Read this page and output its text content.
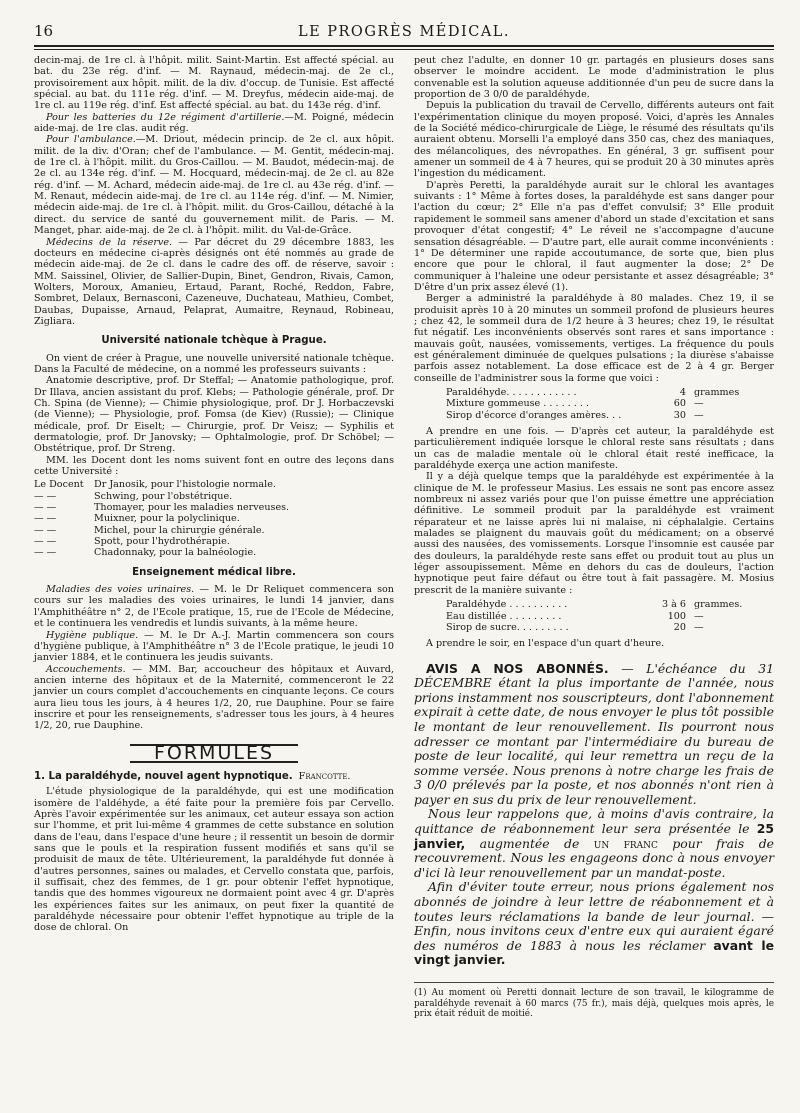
16	LE PROGRÈS MÉDICAL.

decin-maj. de 1re cl. à l'hôpit. milit. Saint-Martin. Est affecté spécial. au bat. du 23e rég. d'inf. — M. Raynaud, médecin-maj. de 2e cl., provisoirement aux hôpit. milit. de la div. d'occup. de Tunisie. Est affecté spécial. au bat. du 111e rég. d'inf. — M. Dreyfus, médecin aide-maj. de 1re cl. au 119e rég. d'inf. Est affecté spécial. au bat. du 143e rég. d'inf.

Pour les batteries du 12e régiment d'artillerie.—M. Poigné, médecin aide-maj. de 1re clas. audit rég.

Pour l'ambulance.—M. Driout, médecin princip. de 2e cl. aux hôpit. milit. de la div. d'Oran; chef de l'ambulance. — M. Gentit, médecin-maj. de 1re cl. à l'hôpit. milit. du Gros-Caillou. — M. Baudot, médecin-maj. de 2e cl. au 134e rég. d'inf. — M. Hocquard, médecin-maj. de 2e cl. au 82e rég. d'inf. — M. Achard, médecin aide-maj. de 1re cl. au 43e rég. d'inf. — M. Renaut, médecin aide-maj. de 1re cl. au 114e rég. d'inf. — M. Nimier, médecin aide-maj. de 1re cl. à l'hôpit. milit. du Gros-Caillou, détaché à la direct. du service de santé du gouvernement milit. de Paris. — M. Manget, phar. aide-maj. de 2e cl. à l'hôpit. milit. du Val-de-Grâce.

Médecins de la réserve. — Par décret du 29 décembre 1883, les docteurs en médecine ci-après désignés ont été nommés au grade de médecin aide-maj. de 2e cl. dans le cadre des off. de réserve, savoir : MM. Saissinel, Olivier, de Sallier-Dupin, Binet, Gendron, Rivais, Camon, Wolters, Moroux, Amanieu, Ertaud, Parant, Roché, Reddon, Fabre, Sombret, Delaux, Bernasconi, Cazeneuve, Duchateau, Mathieu, Combet, Daubas, Dupaisse, Arnaud, Pelaprat, Aumaitre, Reynaud, Robineau, Zigliara.

Université nationale tchèque à Prague.

On vient de créer à Prague, une nouvelle université nationale tchèque. Dans la Faculté de médecine, on a nommé les professeurs suivants :

Anatomie descriptive, prof. Dr Steffal; — Anatomie pathologique, prof. Dr Illava, ancien assistant du prof. Klebs; — Pathologie générale, prof. Dr Ch. Spina (de Vienne); — Chimie physiologique, prof. Dr J. Horbaczevski (de Vienne); — Physiologie, prof. Fomsa (de Kiev) (Russie); — Clinique médicale, prof. Dr Eiselt; — Chirurgie, prof. Dr Veisz; — Syphilis et dermatologie, prof. Dr Janovsky; — Ophtalmologie, prof. Dr Schöbel; — Obstétrique, prof. Dr Streng.

MM. les Docent dont les noms suivent font en outre des leçons dans cette Université :

Le Docent	Dr Janosik, pour l'histologie normale.
— —	Schwing, pour l'obstétrique.
— —	Thomayer, pour les maladies nerveuses.
— —	Muixner, pour la polyclinique.
— —	Michel, pour la chirurgie générale.
— —	Spott, pour l'hydrothérapie.
— —	Chadonnaky, pour la balnéologie.
Enseignement médical libre.

Maladies des voies urinaires. — M. le Dr Reliquet commencera son cours sur les maladies des voies urinaires, le lundi 14 janvier, dans l'Amphithéâtre n° 2, de l'Ecole pratique, 15, rue de l'Ecole de Médecine, et le continuera les vendredis et lundis suivants, à la même heure.

Hygiène publique. — M. le Dr A.-J. Martin commencera son cours d'hygiène publique, à l'Amphithéâtre n° 3 de l'Ecole pratique, le jeudi 10 janvier 1884, et le continuera les jeudis suivants.

Accouchements. — MM. Bar, accoucheur des hôpitaux et Auvard, ancien interne des hôpitaux et de la Maternité, commenceront le 22 janvier un cours complet d'accouchements en cinquante leçons. Ce cours aura lieu tous les jours, à 4 heures 1/2, 20, rue Dauphine. Pour se faire inscrire et pour les renseignements, s'adresser tous les jours, à 4 heures 1/2, 20, rue Dauphine.

FORMULES
1. La paraldéhyde, nouvel agent hypnotique. Francotte.

L'étude physiologique de la paraldéhyde, qui est une modification isomère de l'aldéhyde, a été faite pour la première fois par Cervello. Après l'avoir expérimentée sur les animaux, cet auteur essaya son action sur l'homme, et prit lui-même 4 grammes de cette substance en solution dans de l'eau, dans l'espace d'une heure ; il ressentit un besoin de dormir sans que le pouls et la respiration fussent modifiés et sans qu'il se produisit de maux de tête. Ultérieurement, la paraldéhyde fut donnée à d'autres personnes, saines ou malades, et Cervello constata que, parfois, il suffisait, chez des femmes, de 1 gr. pour obtenir l'effet hypnotique, tandis que des hommes vigoureux ne dormaient point avec 4 gr. D'après les expériences faites sur les animaux, on peut fixer la quantité de paraldéhyde nécessaire pour obtenir l'effet hypnotique au triple de la dose de chloral. On

peut chez l'adulte, en donner 10 gr. partagés en plusieurs doses sans observer le moindre accident. Le mode d'administration le plus convenable est la solution aqueuse additionnée d'un peu de sucre dans la proportion de 3 0/0 de paraldéhyde.

Depuis la publication du travail de Cervello, différents auteurs ont fait l'expérimentation clinique du moyen proposé. Voici, d'après les Annales de la Société médico-chirurgicale de Liège, le résumé des résultats qu'ils auraient obtenu. Morselli l'a employé dans 350 cas, chez des maniaques, des mélancoliques, des névropathes. En général, 3 gr. suffisent pour amener un sommeil de 4 à 7 heures, qui se produit 20 à 30 minutes après l'ingestion du médicament.

D'après Peretti, la paraldéhyde aurait sur le chloral les avantages suivants : 1° Même à fortes doses, la paraldéhyde est sans danger pour l'action du cœur; 2° Elle n'a pas d'effet convulsif; 3° Elle produit rapidement le sommeil sans amener d'abord un stade d'excitation et sans provoquer d'état congestif; 4° Le réveil ne s'accompagne d'aucune sensation désagréable. — D'autre part, elle aurait comme inconvénients : 1° De déterminer une rapide accoutumance, de sorte que, bien plus encore que pour le chloral, il faut augmenter la dose; 2° De communiquer à l'haleine une odeur persistante et assez désagréable; 3° D'être d'un prix assez élevé (1).

Berger a administré la paraldéhyde à 80 malades. Chez 19, il se produisit après 10 à 20 minutes un sommeil profond de plusieurs heures ; chez 42, le sommeil dura de 1/2 heure à 3 heures; chez 19, le résultat fut négatif. Les inconvénients observés sont rares et sans importance : mauvais goût, nausées, vomissements, vertiges. La fréquence du pouls est généralement diminuée de quelques pulsations ; la diurèse s'abaisse parfois assez notablement. La dose efficace est de 2 à 4 gr. Berger conseille de l'administrer sous la forme que voici :

Paraldéhyde. . . . . . . . . . . .	4 grammes
Mixture gommeuse . . . . . . . .	60 —
Sirop d'écorce d'oranges amères. . .	30 —

A prendre en une fois. — D'après cet auteur, la paraldéhyde est particulièrement indiquée lorsque le chloral reste sans résultats ; dans un cas de maladie mentale où le chloral était resté inefficace, la paraldéhyde exerça une action manifeste.

Il y a déjà quelque temps que la paraldéhyde est expérimentée à la clinique de M. le professeur Masius. Les essais ne sont pas encore assez nombreux ni assez variés pour que l'on puisse émettre une appréciation définitive. Le sommeil produit par la paraldéhyde est vraiment réparateur et ne laisse après lui ni malaise, ni céphalalgie. Certains malades se plaignent du mauvais goût du médicament; on a observé aussi des nausées, des vomissements. Lorsque l'insomnie est causée par des douleurs, la paraldéhyde reste sans effet ou produit tout au plus un léger assoupissement. Même en dehors du cas de douleurs, l'action hypnotique peut faire défaut ou être tout à fait passagère. M. Mosius prescrit de la manière suivante :

Paraldéhyde . . . . . . . . . .	3 à 6 grammes.
Eau distillée . . . . . . . . .	100 —
Sirop de sucre. . . . . . . . .	20 —

A prendre le soir, en l'espace d'un quart d'heure.

AVIS A NOS ABONNÉS. — L'échéance du 31 DÉCEMBRE étant la plus importante de l'année, nous prions instamment nos souscripteurs, dont l'abonnement expirait à cette date, de nous envoyer le plus tôt possible le montant de leur renouvellement. Ils pourront nous adresser ce montant par l'intermédiaire du bureau de poste de leur localité, qui leur remettra un reçu de la somme versée. Nous prenons à notre charge les frais de 3 0/0 prélevés par la poste, et nos abonnés n'ont rien à payer en sus du prix de leur renouvellement.

Nous leur rappelons que, à moins d'avis contraire, la quittance de réabonnement leur sera présentée le 25 janvier, augmentée de un franc pour frais de recouvrement. Nous les engageons donc à nous envoyer d'ici là leur renouvellement par un mandat-poste.

Afin d'éviter toute erreur, nous prions également nos abonnés de joindre à leur lettre de réabonnement et à toutes leurs réclamations la bande de leur journal. — Enfin, nous invitons ceux d'entre eux qui auraient égaré des numéros de 1883 à nous les réclamer avant le vingt janvier.

(1) Au moment où Peretti donnait lecture de son travail, le kilogramme de paraldéhyde revenait à 60 marcs (75 fr.), mais déjà, quelques mois après, le prix était réduit de moitié.
